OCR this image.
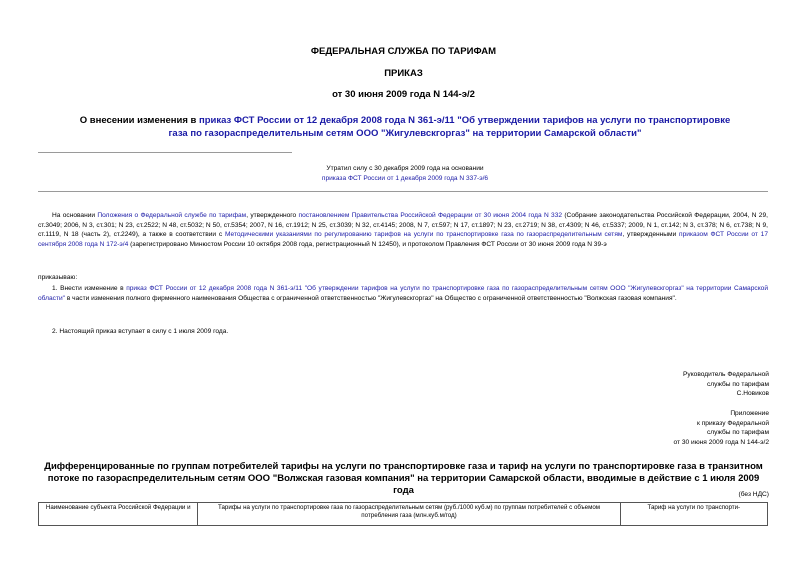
ФЕДЕРАЛЬНАЯ СЛУЖБА ПО ТАРИФАМ
ПРИКАЗ
от 30 июня 2009 года N 144-э/2
О внесении изменения в приказ ФСТ России от 12 декабря 2008 года N 361-э/11 "Об утверждении тарифов на услуги по транспортировке газа по газораспределительным сетям ООО "Жигулевскгоргаз" на территории Самарской области"
Утратил силу с 30 декабря 2009 года на основании
приказа ФСТ России от 1 декабря 2009 года N 337-э/6
На основании Положения о Федеральной службе по тарифам, утвержденного постановлением Правительства Российской Федерации от 30 июня 2004 года N 332 (Собрание законодательства Российской Федерации, 2004, N 29, ст.3049; 2006, N 3, ст.301; N 23, ст.2522; N 48, ст.5032; N 50, ст.5354; 2007, N 16, ст.1912; N 25, ст.3039; N 32, ст.4145; 2008, N 7, ст.597; N 17, ст.1897; N 23, ст.2719; N 38, ст.4309; N 46, ст.5337; 2009, N 1, ст.142; N 3, ст.378; N 6, ст.738; N 9, ст.1119, N 18 (часть 2), ст.2249), а также в соответствии с Методическими указаниями по регулированию тарифов на услуги по транспортировке газа по газораспределительным сетям, утвержденными приказом ФСТ России от 17 сентября 2008 года N 172-э/4 (зарегистрировано Минюстом России 10 октября 2008 года, регистрационный N 12450), и протоколом Правления ФСТ России от 30 июня 2009 года N 39-э
приказываю:
1. Внести изменение в приказ ФСТ России от 12 декабря 2008 года N 361-э/11 "Об утверждении тарифов на услуги по транспортировке газа по газораспределительным сетям ООО "Жигулевскгоргаз" на территории Самарской области" в части изменения полного фирменного наименования Общества с ограниченной ответственностью "Жигулевскгоргаз" на Общество с ограниченной ответственностью "Волжская газовая компания".
2. Настоящий приказ вступает в силу с 1 июля 2009 года.
Руководитель Федеральной
службы по тарифам
С.Новиков
Приложение
к приказу Федеральной
службы по тарифам
от 30 июня 2009 года N 144-э/2
Дифференцированные по группам потребителей тарифы на услуги по транспортировке газа и тариф на услуги по транспортировке газа в транзитном потоке по газораспределительным сетям ООО "Волжская газовая компания" на территории Самарской области, вводимые в действие с 1 июля 2009 года	(без НДС)
Наименование субъекта Российской Федерации и	Тарифы на услуги по транспортировке газа по газораспределительным сетям (руб./1000 куб.м) по группам потребителей с объемом потребления газа (млн.куб.м/год)	Тариф на услуги по транспорти-
